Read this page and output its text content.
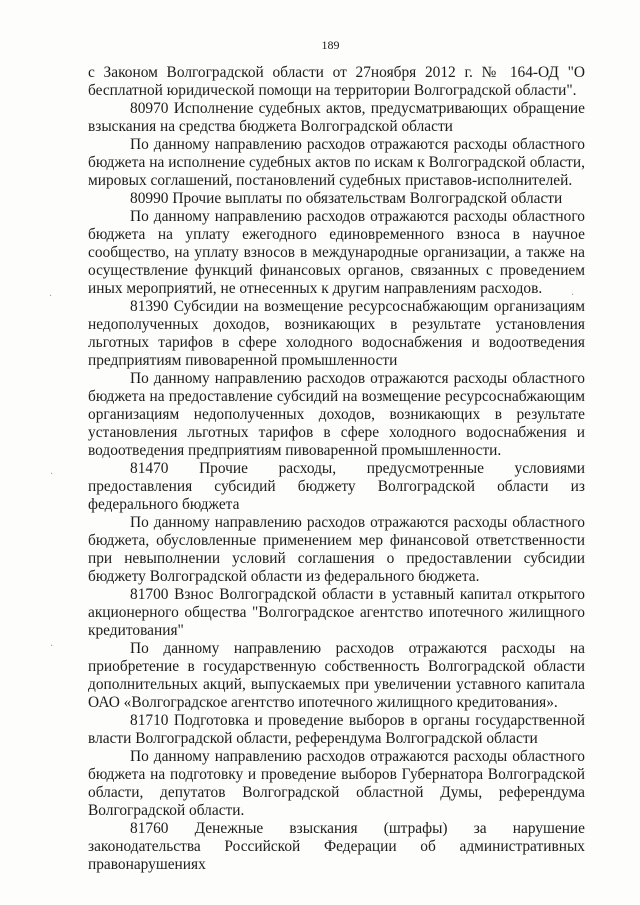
189

с Законом Волгоградской области от 27ноября 2012 г. № 164-ОД "О бесплатной юридической помощи на территории Волгоградской области".

80970 Исполнение судебных актов, предусматривающих обращение взыскания на средства бюджета Волгоградской области

По данному направлению расходов отражаются расходы областного бюджета на исполнение судебных актов по искам к Волгоградской области, мировых соглашений, постановлений судебных приставов-исполнителей.

80990 Прочие выплаты по обязательствам Волгоградской области

По данному направлению расходов отражаются расходы областного бюджета на уплату ежегодного единовременного взноса в научное сообщество, на уплату взносов в международные организации, а также на осуществление функций финансовых органов, связанных с проведением иных мероприятий, не отнесенных к другим направлениям расходов.

81390 Субсидии на возмещение ресурсоснабжающим организациям недополученных доходов, возникающих в результате установления льготных тарифов в сфере холодного водоснабжения и водоотведения предприятиям пивоваренной промышленности

По данному направлению расходов отражаются расходы областного бюджета на предоставление субсидий на возмещение ресурсоснабжающим организациям недополученных доходов, возникающих в результате установления льготных тарифов в сфере холодного водоснабжения и водоотведения предприятиям пивоваренной промышленности.

81470 Прочие расходы, предусмотренные условиями предоставления субсидий бюджету Волгоградской области из федерального бюджета

По данному направлению расходов отражаются расходы областного бюджета, обусловленные применением мер финансовой ответственности при невыполнении условий соглашения о предоставлении субсидии бюджету Волгоградской области из федерального бюджета.

81700 Взнос Волгоградской области в уставный капитал открытого акционерного общества "Волгоградское агентство ипотечного жилищного кредитования"

По данному направлению расходов отражаются расходы на приобретение в государственную собственность Волгоградской области дополнительных акций, выпускаемых при увеличении уставного капитала ОАО «Волгоградское агентство ипотечного жилищного кредитования».

81710 Подготовка и проведение выборов в органы государственной власти Волгоградской области, референдума Волгоградской области

По данному направлению расходов отражаются расходы областного бюджета на подготовку и проведение выборов Губернатора Волгоградской области, депутатов Волгоградской областной Думы, референдума Волгоградской области.

81760 Денежные взыскания (штрафы) за нарушение законодательства Российской Федерации об административных правонарушениях

·
·
·
·
